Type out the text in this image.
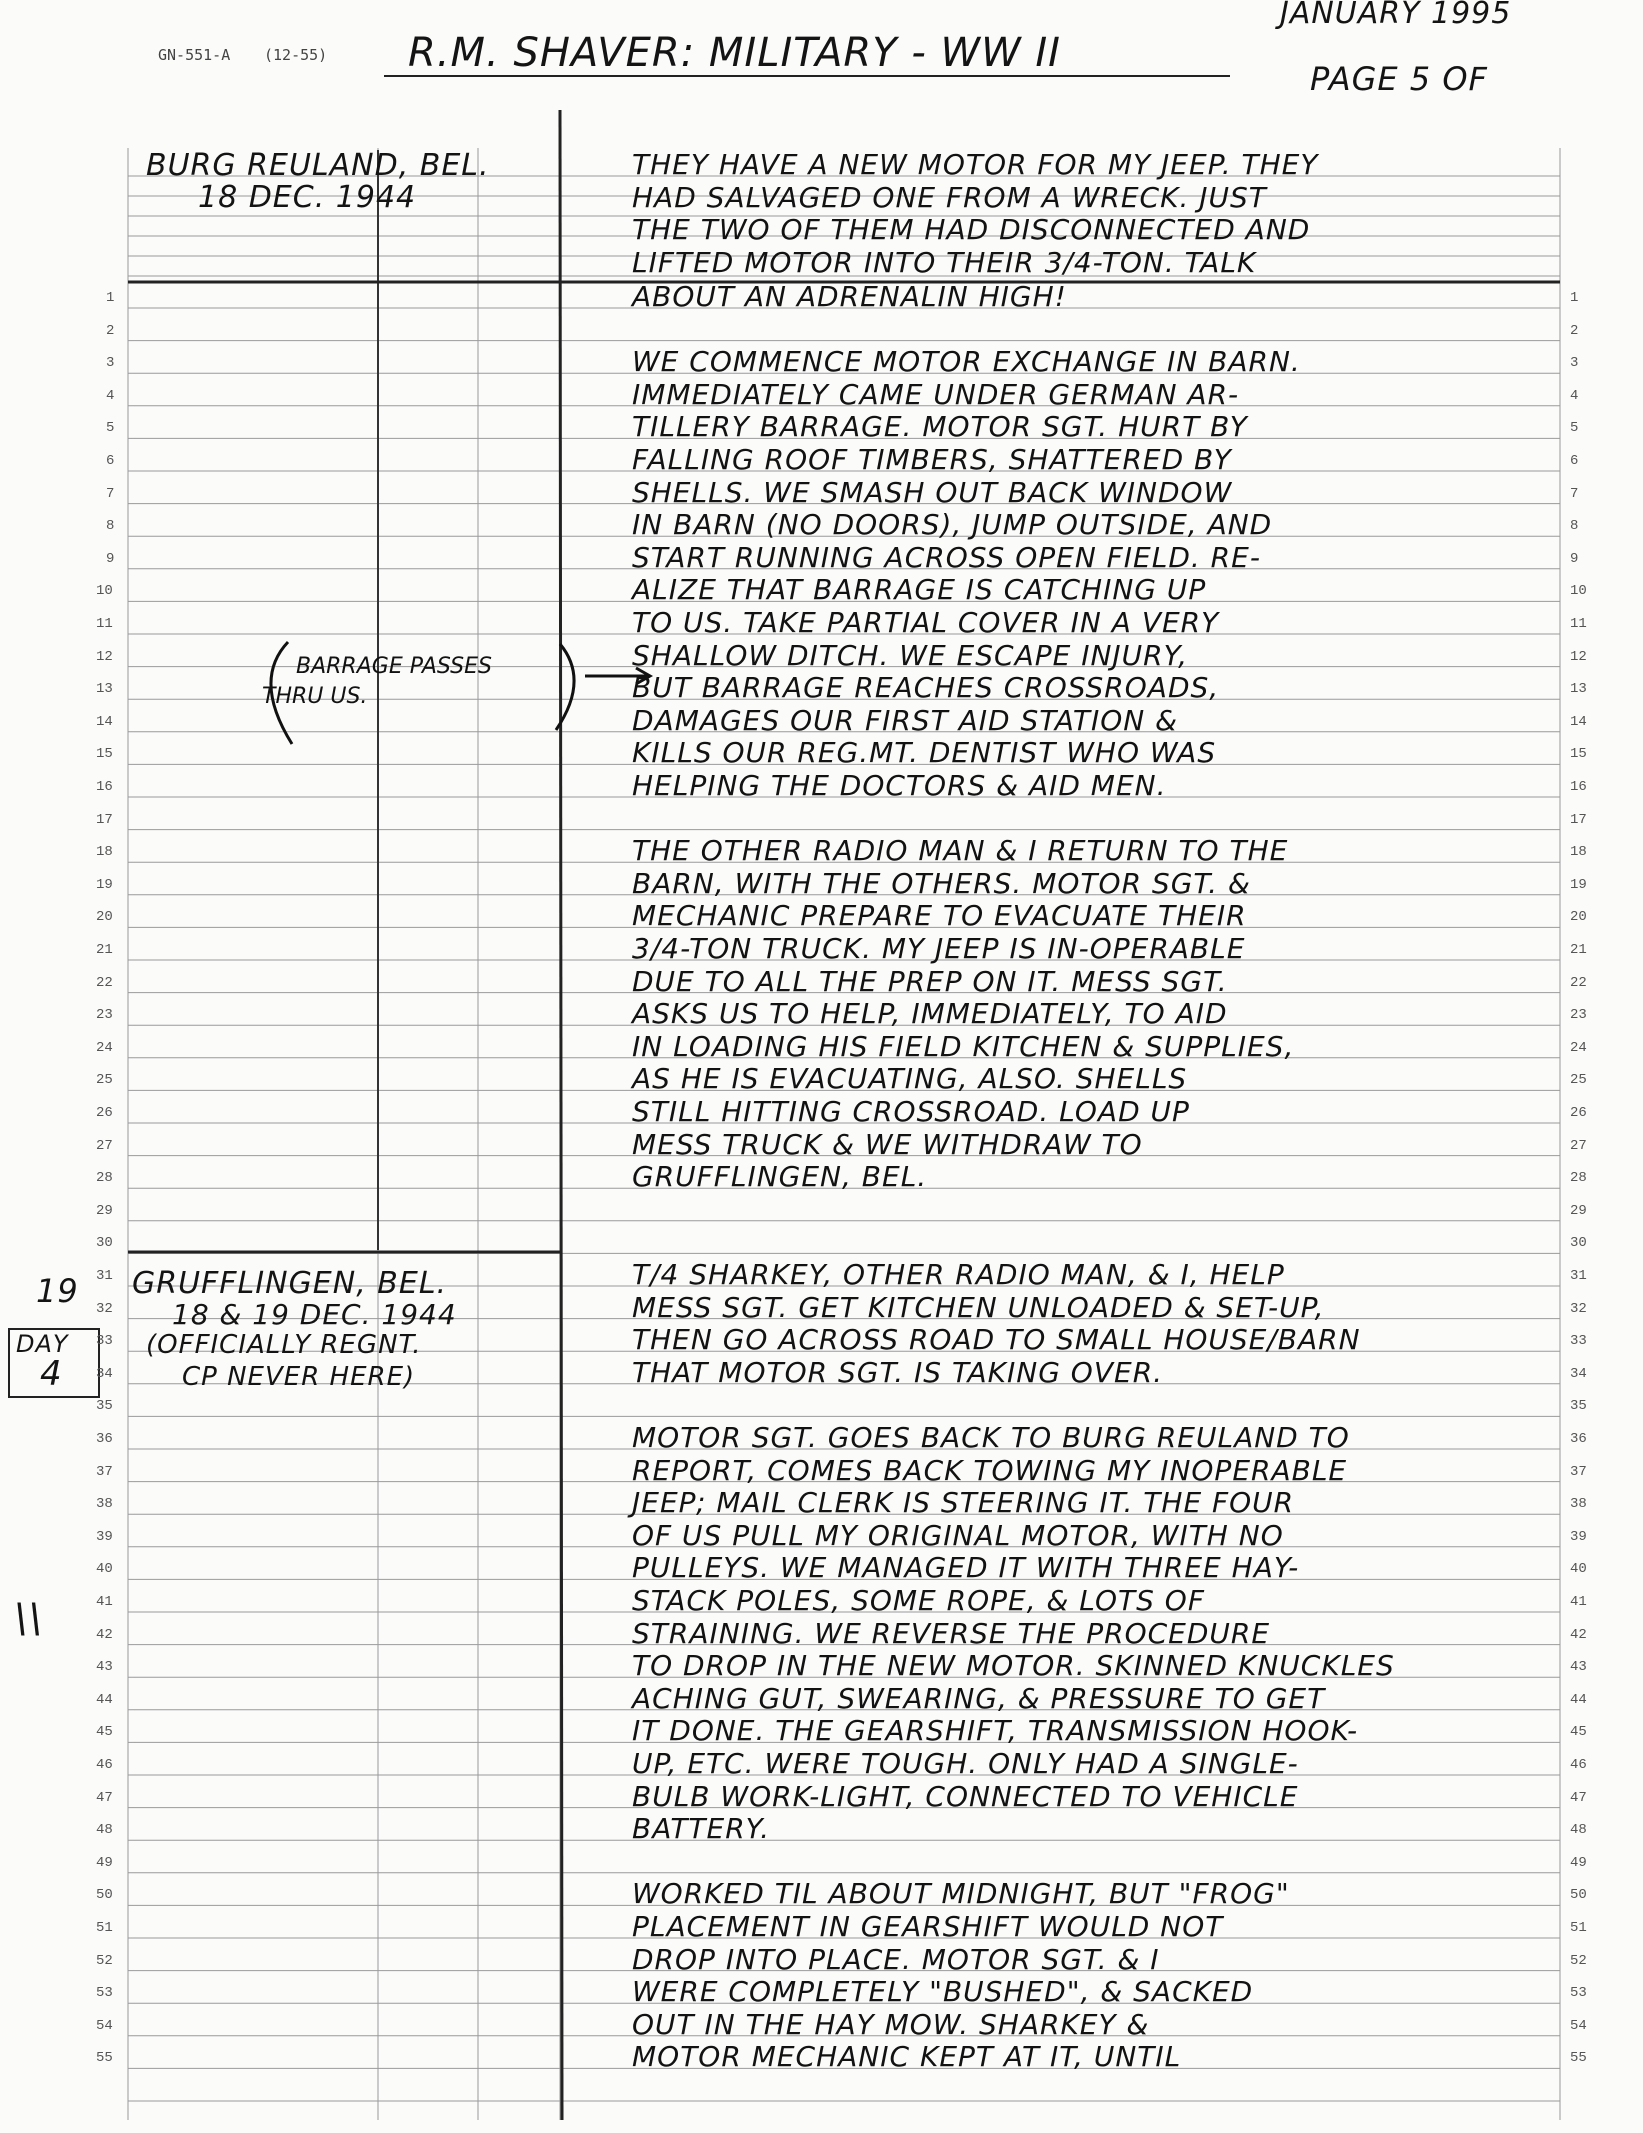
GN-551-A (12-55) R.M. SHAVER: MILITARY - WW II
JANUARY 1995
PAGE 5 OF
BURG REULAND, BEL.
18 DEC. 1944
GRUFFLINGEN, BEL.
18 & 19 DEC. 1944
(OFFICIALLY REGNT.
CP NEVER HERE)
BARRAGE PASSES
THRU US.
19
DAY
4
\\
THEY HAVE A NEW MOTOR FOR MY JEEP. THEY
HAD SALVAGED ONE FROM A WRECK. JUST
THE TWO OF THEM HAD DISCONNECTED AND
LIFTED MOTOR INTO THEIR 3/4-TON. TALK
ABOUT AN ADRENALIN HIGH!
WE COMMENCE MOTOR EXCHANGE IN BARN.
IMMEDIATELY CAME UNDER GERMAN AR-
TILLERY BARRAGE. MOTOR SGT. HURT BY
FALLING ROOF TIMBERS, SHATTERED BY
SHELLS. WE SMASH OUT BACK WINDOW
IN BARN (NO DOORS), JUMP OUTSIDE, AND
START RUNNING ACROSS OPEN FIELD. RE-
ALIZE THAT BARRAGE IS CATCHING UP
TO US. TAKE PARTIAL COVER IN A VERY
SHALLOW DITCH. WE ESCAPE INJURY,
BUT BARRAGE REACHES CROSSROADS,
DAMAGES OUR FIRST AID STATION &
KILLS OUR REG.MT. DENTIST WHO WAS
HELPING THE DOCTORS & AID MEN.
THE OTHER RADIO MAN & I RETURN TO THE
BARN, WITH THE OTHERS. MOTOR SGT. &
MECHANIC PREPARE TO EVACUATE THEIR
3/4-TON TRUCK. MY JEEP IS IN-OPERABLE
DUE TO ALL THE PREP ON IT. MESS SGT.
ASKS US TO HELP, IMMEDIATELY, TO AID
IN LOADING HIS FIELD KITCHEN & SUPPLIES,
AS HE IS EVACUATING, ALSO. SHELLS
STILL HITTING CROSSROAD. LOAD UP
MESS TRUCK & WE WITHDRAW TO
GRUFFLINGEN, BEL.
T/4 SHARKEY, OTHER RADIO MAN, & I, HELP
MESS SGT. GET KITCHEN UNLOADED & SET-UP,
THEN GO ACROSS ROAD TO SMALL HOUSE/BARN
THAT MOTOR SGT. IS TAKING OVER.
MOTOR SGT. GOES BACK TO BURG REULAND TO
REPORT, COMES BACK TOWING MY INOPERABLE
JEEP; MAIL CLERK IS STEERING IT. THE FOUR
OF US PULL MY ORIGINAL MOTOR, WITH NO
PULLEYS. WE MANAGED IT WITH THREE HAY-
STACK POLES, SOME ROPE, & LOTS OF
STRAINING. WE REVERSE THE PROCEDURE
TO DROP IN THE NEW MOTOR. SKINNED KNUCKLES
ACHING GUT, SWEARING, & PRESSURE TO GET
IT DONE. THE GEARSHIFT, TRANSMISSION HOOK-
UP, ETC. WERE TOUGH. ONLY HAD A SINGLE-
BULB WORK-LIGHT, CONNECTED TO VEHICLE
BATTERY.
WORKED TIL ABOUT MIDNIGHT, BUT "FROG"
PLACEMENT IN GEARSHIFT WOULD NOT
DROP INTO PLACE. MOTOR SGT. & I
WERE COMPLETELY "BUSHED", & SACKED
OUT IN THE HAY MOW. SHARKEY &
MOTOR MECHANIC KEPT AT IT, UNTIL
1	1
2	2
3	3
4	4
5	5
6	6
7	7
8	8
9	9
10	10
11	11
12	12
13	13
14	14
15	15
16	16
17	17
18	18
19	19
20	20
21	21
22	22
23	23
24	24
25	25
26	26
27	27
28	28
29	29
30	30
31	31
32	32
33	33
34	34
35	35
36	36
37	37
38	38
39	39
40	40
41	41
42	42
43	43
44	44
45	45
46	46
47	47
48	48
49	49
50	50
51	51
52	52
53	53
54	54
55	55
